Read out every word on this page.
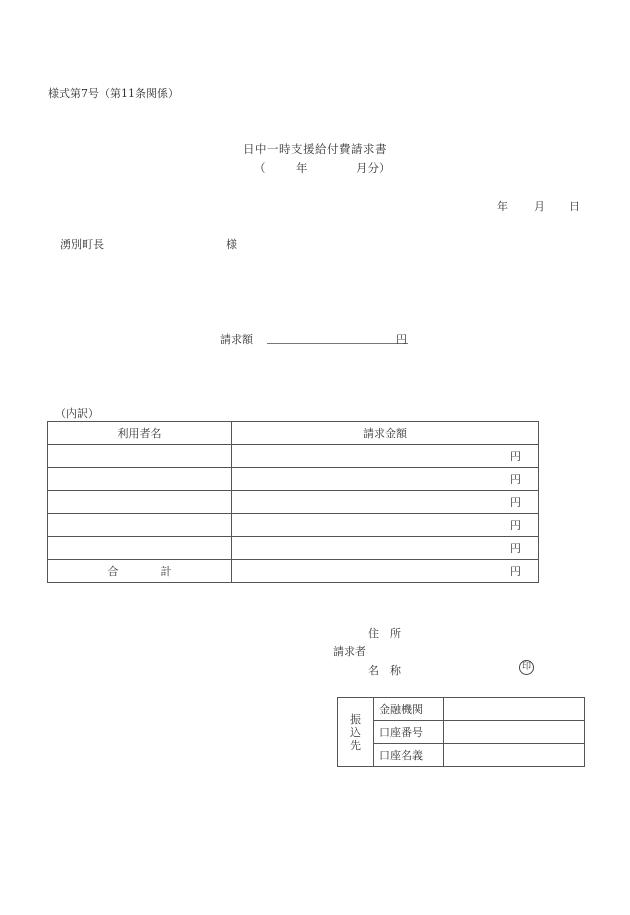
様式第7号（第11条関係）
日中一時支援給付費請求書
（	年	月分）
年 月 日
湧別町長	様
請求額	円
（内訳）
利用者名	請求金額
	円
	円
	円
	円
	円
合 計	円
住　所
請求者
名　称	印
振
込
先	金融機関	
	口座番号	
	口座名義	
